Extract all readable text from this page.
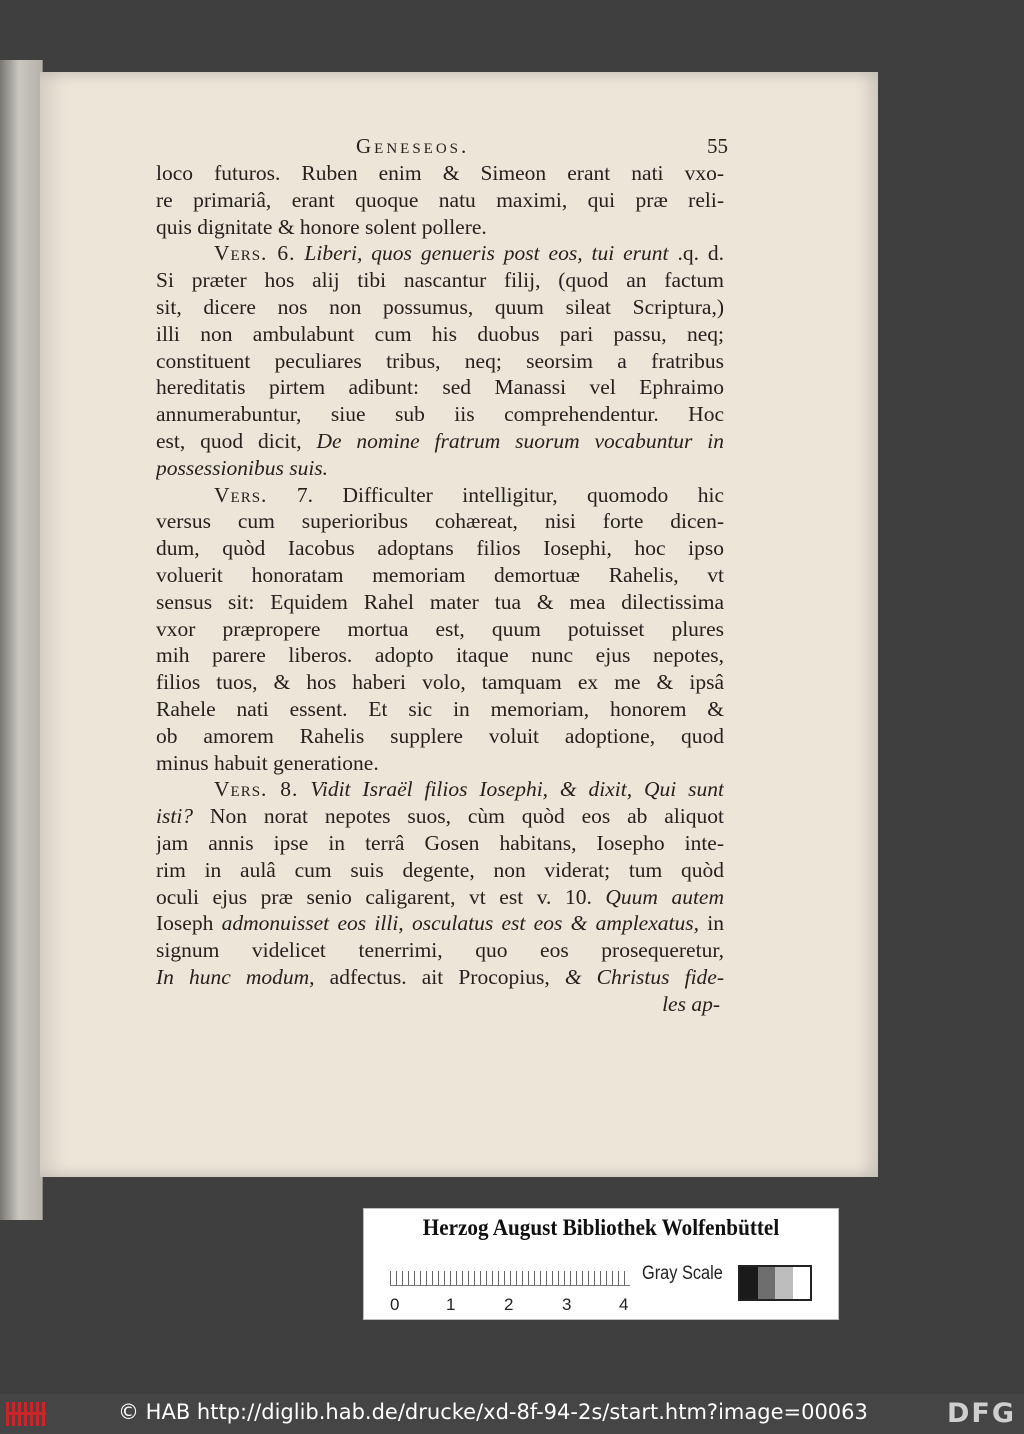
Geneseos.	55
loco futuros. Ruben enim & Simeon erant nati vxo-
re primariâ, erant quoque natu maximi, qui præ reli-
quis dignitate & honore solent pollere.
Vers. 6. Liberi, quos genueris post eos, tui erunt .q. d.
Si præter hos alij tibi nascantur filij, (quod an factum
sit, dicere nos non possumus, quum sileat Scriptura,)
illi non ambulabunt cum his duobus pari passu, neq;
constituent peculiares tribus, neq; seorsim a fratribus
hereditatis pirtem adibunt: sed Manassi vel Ephraimo
annumerabuntur, siue sub iis comprehendentur. Hoc
est, quod dicit, De nomine fratrum suorum vocabuntur in
possessionibus suis.
Vers. 7. Difficulter intelligitur, quomodo hic
versus cum superioribus cohæreat, nisi forte dicen-
dum, quòd Iacobus adoptans filios Iosephi, hoc ipso
voluerit honoratam memoriam demortuæ Rahelis, vt
sensus sit: Equidem Rahel mater tua & mea dilectissima
vxor præpropere mortua est, quum potuisset plures
mih parere liberos. adopto itaque nunc ejus nepotes,
filios tuos, & hos haberi volo, tamquam ex me & ipsâ
Rahele nati essent. Et sic in memoriam, honorem &
ob amorem Rahelis supplere voluit adoptione, quod
minus habuit generatione.
Vers. 8. Vidit Israël filios Iosephi, & dixit, Qui sunt
isti? Non norat nepotes suos, cùm quòd eos ab aliquot
jam annis ipse in terrâ Gosen habitans, Iosepho inte-
rim in aulâ cum suis degente, non viderat; tum quòd
oculi ejus præ senio caligarent, vt est v. 10. Quum autem
Ioseph admonuisset eos illi, osculatus est eos & amplexatus, in
signum videlicet tenerrimi, quo eos prosequeretur,
In hunc modum, adfectus. ait Procopius, & Christus fide-
les ap-
Herzog August Bibliothek Wolfenbüttel
0	1	2	3	4
Gray Scale
© HAB http://diglib.hab.de/drucke/xd-8f-94-2s/start.htm?image=00063	DFG
